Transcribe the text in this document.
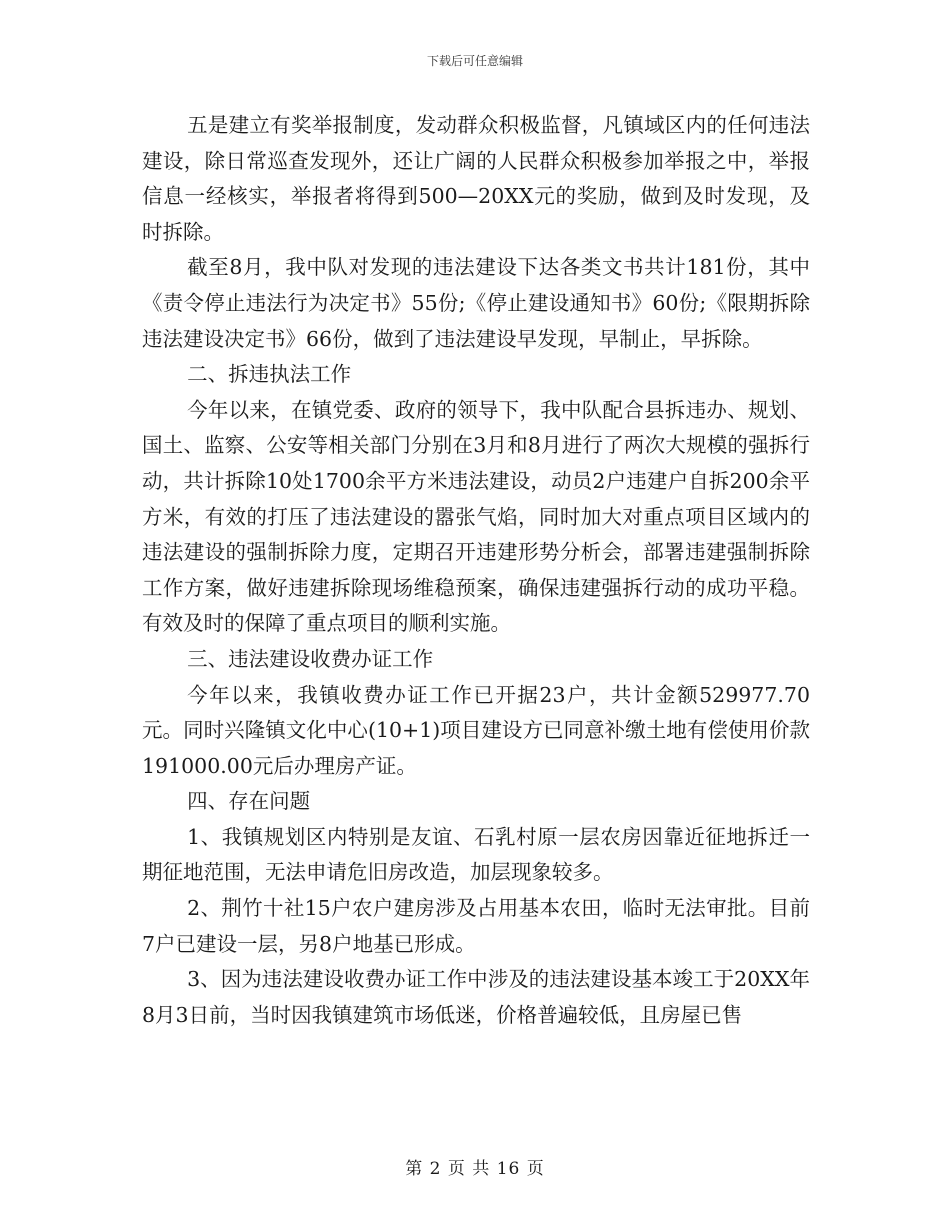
下载后可任意编辑

五是建立有奖举报制度，发动群众积极监督，凡镇域区内的任何违法建设，除日常巡查发现外，还让广阔的人民群众积极参加举报之中，举报信息一经核实，举报者将得到500—20XX元的奖励，做到及时发现，及时拆除。

截至8月，我中队对发现的违法建设下达各类文书共计181份，其中《责令停止违法行为决定书》55份;《停止建设通知书》60份;《限期拆除违法建设决定书》66份，做到了违法建设早发现，早制止，早拆除。

二、拆违执法工作

今年以来，在镇党委、政府的领导下，我中队配合县拆违办、规划、国土、监察、公安等相关部门分别在3月和8月进行了两次大规模的强拆行动，共计拆除10处1700余平方米违法建设，动员2户违建户自拆200余平方米，有效的打压了违法建设的嚣张气焰，同时加大对重点项目区域内的违法建设的强制拆除力度，定期召开违建形势分析会，部署违建强制拆除工作方案，做好违建拆除现场维稳预案，确保违建强拆行动的成功平稳。有效及时的保障了重点项目的顺利实施。

三、违法建设收费办证工作

今年以来，我镇收费办证工作已开据23户，共计金额529977.70元。同时兴隆镇文化中心(10+1)项目建设方已同意补缴土地有偿使用价款191000.00元后办理房产证。

四、存在问题

1、我镇规划区内特别是友谊、石乳村原一层农房因靠近征地拆迁一期征地范围，无法申请危旧房改造，加层现象较多。

2、荆竹十社15户农户建房涉及占用基本农田，临时无法审批。目前7户已建设一层，另8户地基已形成。

3、因为违法建设收费办证工作中涉及的违法建设基本竣工于20XX年8月3日前，当时因我镇建筑市场低迷，价格普遍较低，且房屋已售

第 2 页 共 16 页
